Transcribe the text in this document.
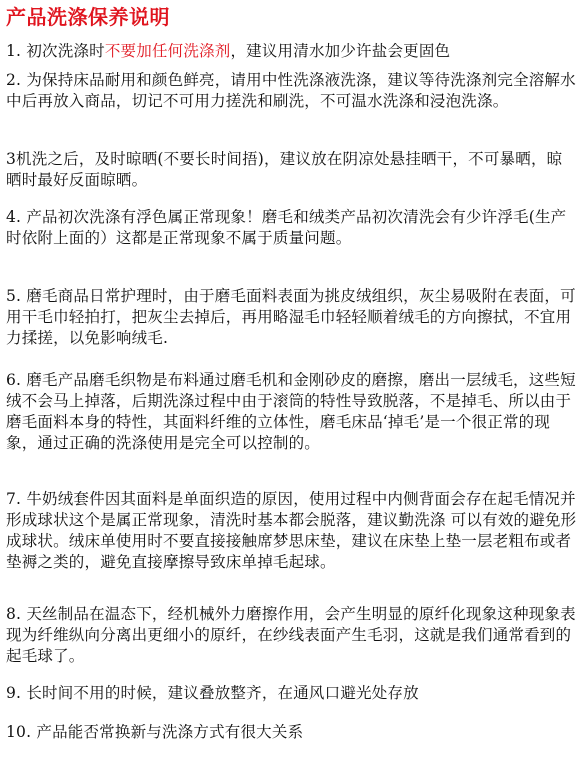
产品洗涤保养说明
1. 初次洗涤时不要加任何洗涤剂，建议用清水加少许盐会更固色
2. 为保持床品耐用和颜色鲜亮，请用中性洗涤液洗涤，建议等待洗涤剂完全溶解水中后再放入商品，切记不可用力搓洗和刷洗，不可温水洗涤和浸泡洗涤。
3机洗之后，及时晾晒(不要长时间捂)，建议放在阴凉处悬挂晒干，不可暴晒，晾晒时最好反面晾晒。
4. 产品初次洗涤有浮色属正常现象！磨毛和绒类产品初次清洗会有少许浮毛(生产时依附上面的）这都是正常现象不属于质量问题。
5. 磨毛商品日常护理时，由于磨毛面料表面为挑皮绒组织，灰尘易吸附在表面，可用干毛巾轻拍打，把灰尘去掉后，再用略湿毛巾轻轻顺着绒毛的方向擦拭，不宜用力揉搓，以免影响绒毛.
6. 磨毛产品磨毛织物是布料通过磨毛机和金刚砂皮的磨擦，磨出一层绒毛，这些短绒不会马上掉落，后期洗涤过程中由于滚筒的特性导致脱落，不是掉毛、所以由于磨毛面料本身的特性，其面料纤维的立体性，磨毛床品‘掉毛’是一个很正常的现象，通过正确的洗涤使用是完全可以控制的。
7. 牛奶绒套件因其面料是单面织造的原因，使用过程中内侧背面会存在起毛情况并形成球状这个是属正常现象，清洗时基本都会脱落，建议勤洗涤 可以有效的避免形成球状。绒床单使用时不要直接接触席梦思床垫，建议在床垫上垫一层老粗布或者垫褥之类的，避免直接摩擦导致床单掉毛起球。
8. 天丝制品在温态下，经机械外力磨擦作用，会产生明显的原纤化现象这种现象表现为纤维纵向分离出更细小的原纤，在纱线表面产生毛羽，这就是我们通常看到的起毛球了。
9. 长时间不用的时候，建议叠放整齐，在通风口避光处存放
10. 产品能否常换新与洗涤方式有很大关系
